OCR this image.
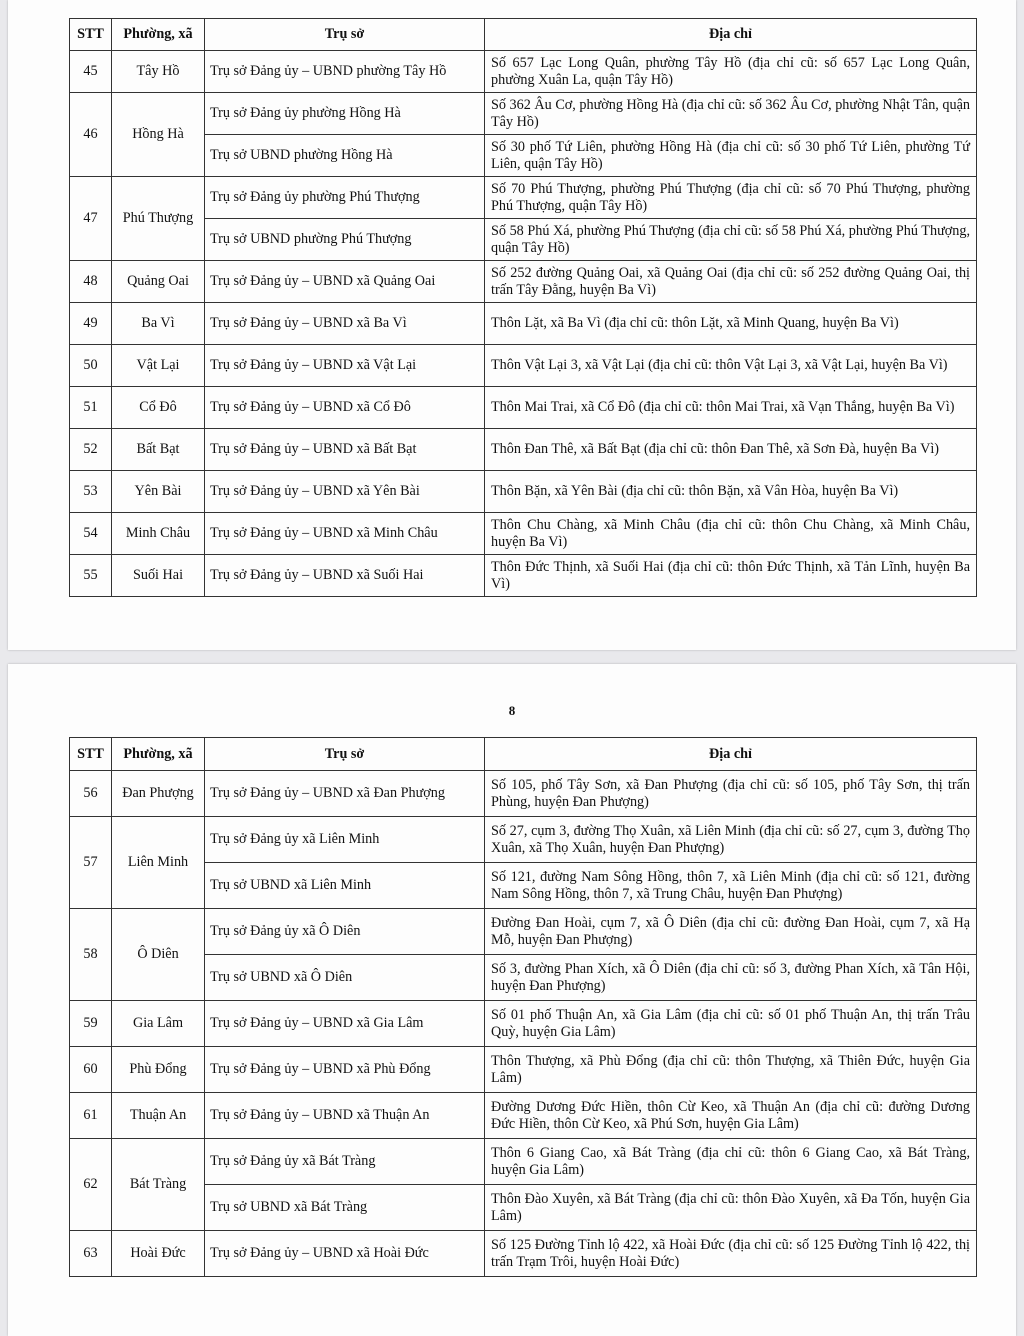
STT	Phường, xã	Trụ sở	Địa chỉ
45	Tây Hồ	Trụ sở Đảng ủy – UBND phường Tây Hồ	Số 657 Lạc Long Quân, phường Tây Hồ (địa chỉ cũ: số 657 Lạc Long Quân, phường Xuân La, quận Tây Hồ)
46	Hồng Hà	Trụ sở Đảng ủy phường Hồng Hà	Số 362 Âu Cơ, phường Hồng Hà (địa chỉ cũ: số 362 Âu Cơ, phường Nhật Tân, quận Tây Hồ)
		Trụ sở UBND phường Hồng Hà	Số 30 phố Tứ Liên, phường Hồng Hà (địa chỉ cũ: số 30 phố Tứ Liên, phường Tứ Liên, quận Tây Hồ)
47	Phú Thượng	Trụ sở Đảng ủy phường Phú Thượng	Số 70 Phú Thượng, phường Phú Thượng (địa chỉ cũ: số 70 Phú Thượng, phường Phú Thượng, quận Tây Hồ)
		Trụ sở UBND phường Phú Thượng	Số 58 Phú Xá, phường Phú Thượng (địa chỉ cũ: số 58 Phú Xá, phường Phú Thượng, quận Tây Hồ)
48	Quảng Oai	Trụ sở Đảng ủy – UBND xã Quảng Oai	Số 252 đường Quảng Oai, xã Quảng Oai (địa chỉ cũ: số 252 đường Quảng Oai, thị trấn Tây Đằng, huyện Ba Vì)
49	Ba Vì	Trụ sở Đảng ủy – UBND xã Ba Vì	Thôn Lặt, xã Ba Vì (địa chỉ cũ: thôn Lặt, xã Minh Quang, huyện Ba Vì)
50	Vật Lại	Trụ sở Đảng ủy – UBND xã Vật Lại	Thôn Vật Lại 3, xã Vật Lại (địa chỉ cũ: thôn Vật Lại 3, xã Vật Lại, huyện Ba Vì)
51	Cổ Đô	Trụ sở Đảng ủy – UBND xã Cổ Đô	Thôn Mai Trai, xã Cổ Đô (địa chỉ cũ: thôn Mai Trai, xã Vạn Thắng, huyện Ba Vì)
52	Bất Bạt	Trụ sở Đảng ủy – UBND xã Bất Bạt	Thôn Đan Thê, xã Bất Bạt (địa chỉ cũ: thôn Đan Thê, xã Sơn Đà, huyện Ba Vì)
53	Yên Bài	Trụ sở Đảng ủy – UBND xã Yên Bài	Thôn Bặn, xã Yên Bài (địa chỉ cũ: thôn Bặn, xã Vân Hòa, huyện Ba Vì)
54	Minh Châu	Trụ sở Đảng ủy – UBND xã Minh Châu	Thôn Chu Chàng, xã Minh Châu (địa chỉ cũ: thôn Chu Chàng, xã Minh Châu, huyện Ba Vì)
55	Suối Hai	Trụ sở Đảng ủy – UBND xã Suối Hai	Thôn Đức Thịnh, xã Suối Hai (địa chỉ cũ: thôn Đức Thịnh, xã Tản Lĩnh, huyện Ba Vì)
8
STT	Phường, xã	Trụ sở	Địa chỉ
56	Đan Phượng	Trụ sở Đảng ủy – UBND xã Đan Phượng	Số 105, phố Tây Sơn, xã Đan Phượng (địa chỉ cũ: số 105, phố Tây Sơn, thị trấn Phùng, huyện Đan Phượng)
57	Liên Minh	Trụ sở Đảng ủy xã Liên Minh	Số 27, cụm 3, đường Thọ Xuân, xã Liên Minh (địa chỉ cũ: số 27, cụm 3, đường Thọ Xuân, xã Thọ Xuân, huyện Đan Phượng)
		Trụ sở UBND xã Liên Minh	Số 121, đường Nam Sông Hồng, thôn 7, xã Liên Minh (địa chỉ cũ: số 121, đường Nam Sông Hồng, thôn 7, xã Trung Châu, huyện Đan Phượng)
58	Ô Diên	Trụ sở Đảng ủy xã Ô Diên	Đường Đan Hoài, cụm 7, xã Ô Diên (địa chỉ cũ: đường Đan Hoài, cụm 7, xã Hạ Mỗ, huyện Đan Phượng)
		Trụ sở UBND xã Ô Diên	Số 3, đường Phan Xích, xã Ô Diên (địa chỉ cũ: số 3, đường Phan Xích, xã Tân Hội, huyện Đan Phượng)
59	Gia Lâm	Trụ sở Đảng ủy – UBND xã Gia Lâm	Số 01 phố Thuận An, xã Gia Lâm (địa chỉ cũ: số 01 phố Thuận An, thị trấn Trâu Quỳ, huyện Gia Lâm)
60	Phù Đổng	Trụ sở Đảng ủy – UBND xã Phù Đổng	Thôn Thượng, xã Phù Đổng (địa chỉ cũ: thôn Thượng, xã Thiên Đức, huyện Gia Lâm)
61	Thuận An	Trụ sở Đảng ủy – UBND xã Thuận An	Đường Dương Đức Hiền, thôn Cừ Keo, xã Thuận An (địa chỉ cũ: đường Dương Đức Hiền, thôn Cừ Keo, xã Phú Sơn, huyện Gia Lâm)
62	Bát Tràng	Trụ sở Đảng ủy xã Bát Tràng	Thôn 6 Giang Cao, xã Bát Tràng (địa chỉ cũ: thôn 6 Giang Cao, xã Bát Tràng, huyện Gia Lâm)
		Trụ sở UBND xã Bát Tràng	Thôn Đào Xuyên, xã Bát Tràng (địa chỉ cũ: thôn Đào Xuyên, xã Đa Tốn, huyện Gia Lâm)
63	Hoài Đức	Trụ sở Đảng ủy – UBND xã Hoài Đức	Số 125 Đường Tỉnh lộ 422, xã Hoài Đức (địa chỉ cũ: số 125 Đường Tỉnh lộ 422, thị trấn Trạm Trôi, huyện Hoài Đức)
